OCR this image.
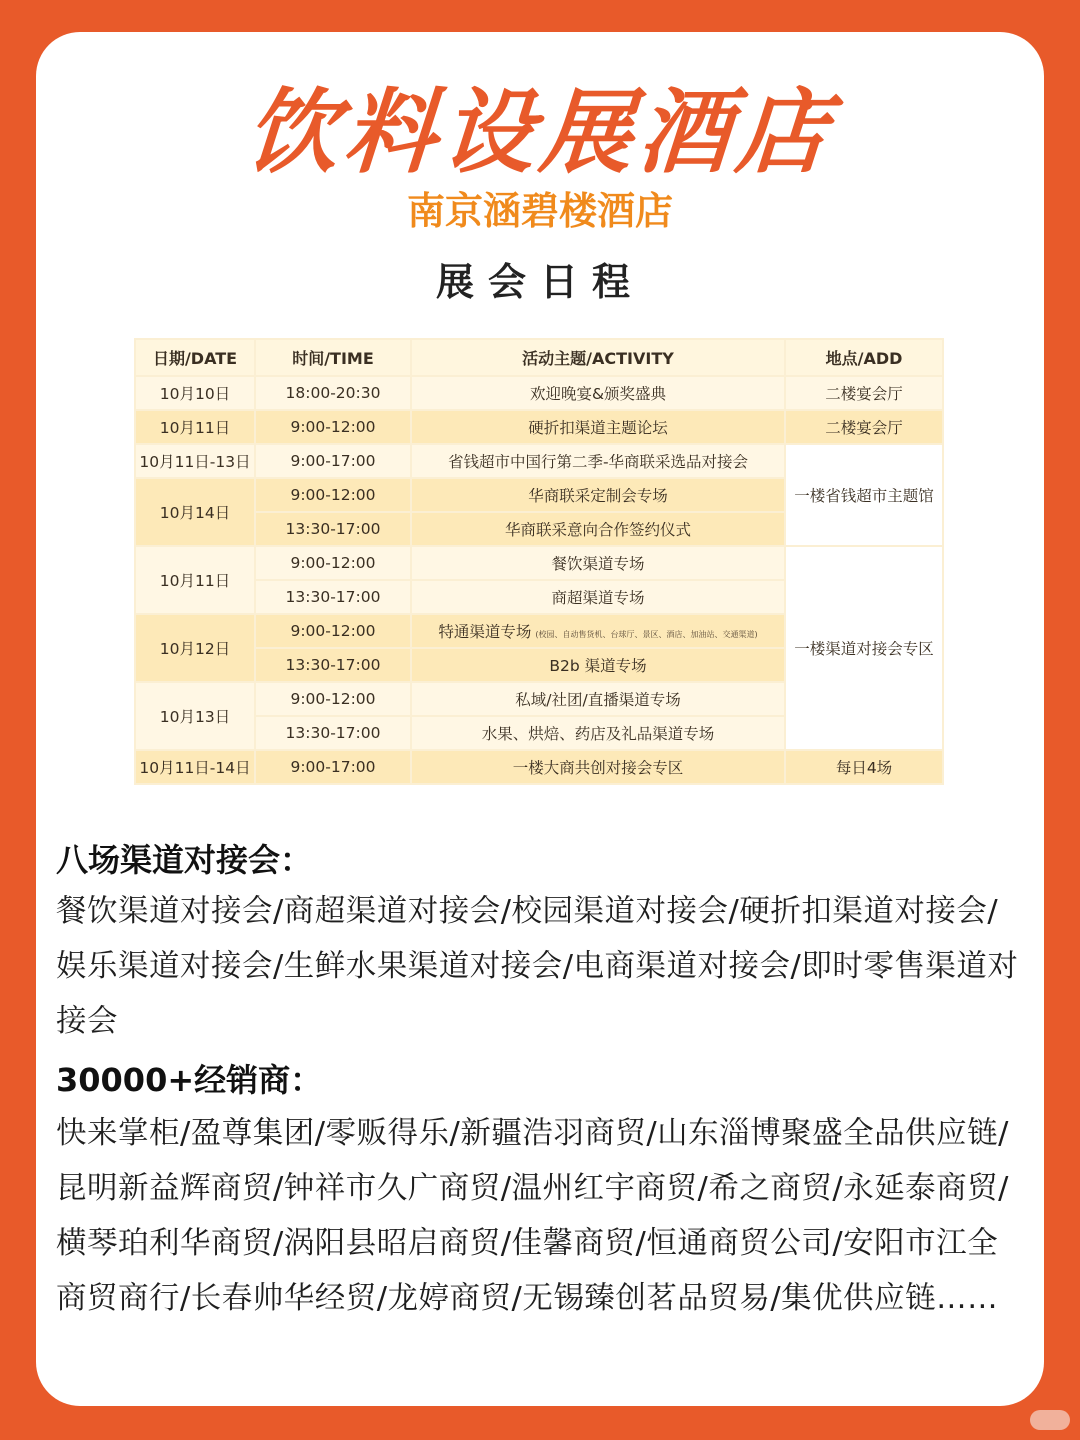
饮料设展酒店
南京涵碧楼酒店
展会日程
日期/DATE	时间/TIME	活动主题/ACTIVITY	地点/ADD
10月10日	18:00-20:30	欢迎晚宴&颁奖盛典	二楼宴会厅
10月11日	9:00-12:00	硬折扣渠道主题论坛	二楼宴会厅
10月11日-13日	9:00-17:00	省钱超市中国行第二季-华商联采选品对接会	一楼省钱超市主题馆
10月14日	9:00-12:00	华商联采定制会专场	
	13:30-17:00	华商联采意向合作签约仪式	
10月11日	9:00-12:00	餐饮渠道专场	一楼渠道对接会专区
	13:30-17:00	商超渠道专场	
10月12日	9:00-12:00	特通渠道专场 (校园、自动售货机、台球厅、景区、酒店、加油站、交通渠道)	
	13:30-17:00	B2b 渠道专场	
10月13日	9:00-12:00	私域/社团/直播渠道专场	
	13:30-17:00	水果、烘焙、药店及礼品渠道专场	
10月11日-14日	9:00-17:00	一楼大商共创对接会专区	每日4场
八场渠道对接会：
餐饮渠道对接会/商超渠道对接会/校园渠道对接会/硬折扣渠道对接会/娱乐渠道对接会/生鲜水果渠道对接会/电商渠道对接会/即时零售渠道对接会
30000+经销商：
快来掌柜/盈尊集团/零贩得乐/新疆浩羽商贸/山东淄博聚盛全品供应链/昆明新益辉商贸/钟祥市久广商贸/温州红宇商贸/希之商贸/永延泰商贸/横琴珀利华商贸/涡阳县昭启商贸/佳馨商贸/恒通商贸公司/安阳市江全商贸商行/长春帅华经贸/龙婷商贸/无锡臻创茗品贸易/集优供应链……
